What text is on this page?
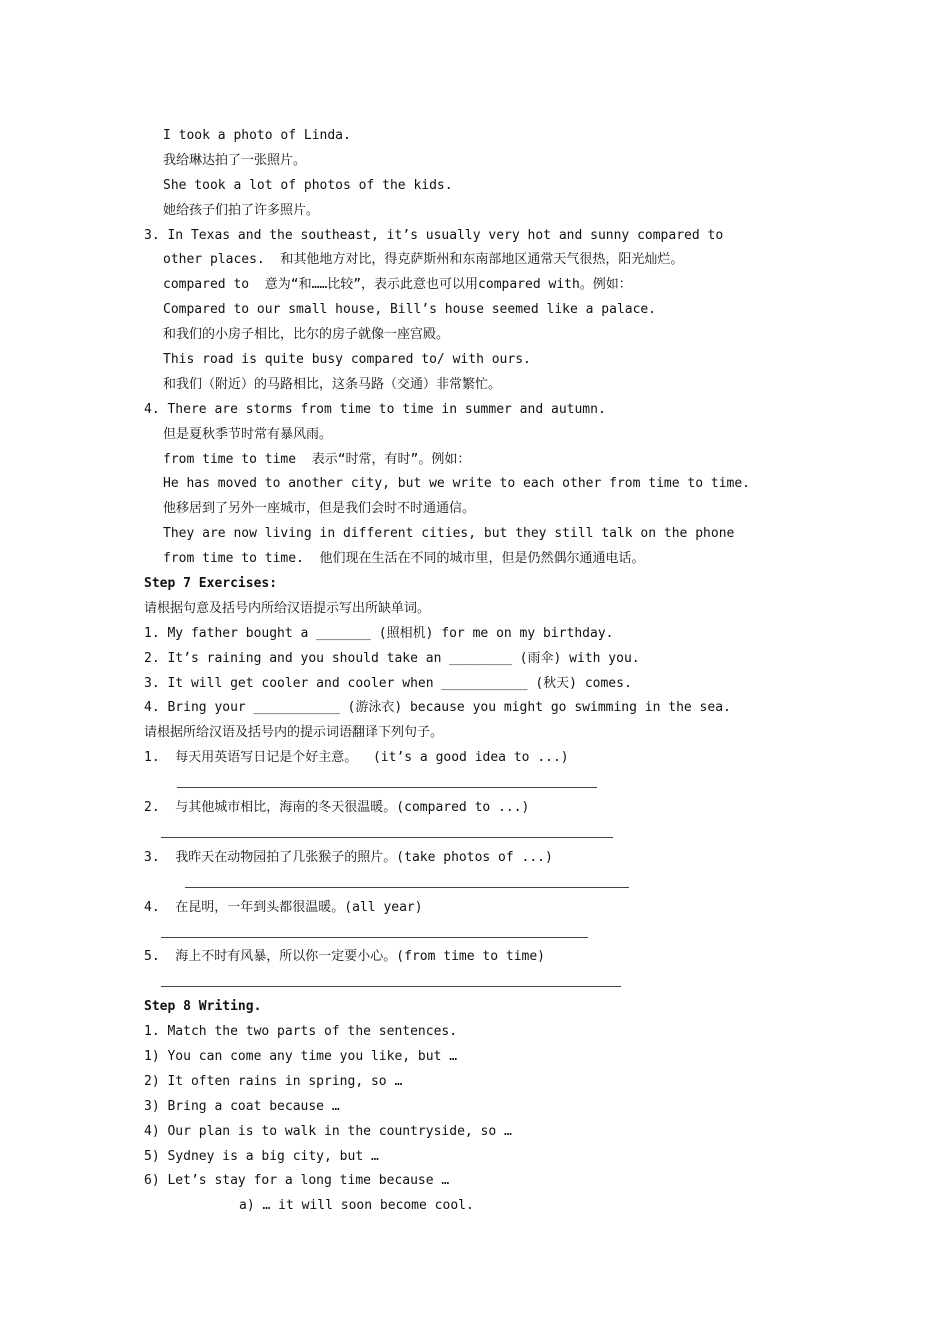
I took a photo of Linda.
我给琳达拍了一张照片。
She took a lot of photos of the kids.
她给孩子们拍了许多照片。
3. In Texas and the southeast, it’s usually very hot and sunny compared to
other places.  和其他地方对比，得克萨斯州和东南部地区通常天气很热，阳光灿烂。
compared to  意为“和……比较”，表示此意也可以用compared with。例如：
Compared to our small house, Bill’s house seemed like a palace.
和我们的小房子相比，比尔的房子就像一座宫殿。
This road is quite busy compared to/ with ours.
和我们（附近）的马路相比，这条马路（交通）非常繁忙。
4. There are storms from time to time in summer and autumn.
但是夏秋季节时常有暴风雨。
from time to time  表示“时常，有时”。例如：
He has moved to another city, but we write to each other from time to time.
他移居到了另外一座城市，但是我们会时不时通通信。
They are now living in different cities, but they still talk on the phone
from time to time.  他们现在生活在不同的城市里，但是仍然偶尔通通电话。
Step 7 Exercises:
请根据句意及括号内所给汉语提示写出所缺单词。
1. My father bought a _______ (照相机) for me on my birthday.
2. It’s raining and you should take an ________ (雨伞) with you.
3. It will get cooler and cooler when ___________ (秋天) comes.
4. Bring your ___________ (游泳衣) because you might go swimming in the sea.
请根据所给汉语及括号内的提示词语翻译下列句子。
1.  每天用英语写日记是个好主意。  (it’s a good idea to ...)
2.  与其他城市相比，海南的冬天很温暖。(compared to ...)
3.  我昨天在动物园拍了几张猴子的照片。(take photos of ...)
4.  在昆明，一年到头都很温暖。(all year)
5.  海上不时有风暴，所以你一定要小心。(from time to time)
Step 8 Writing.
1. Match the two parts of the sentences.
1) You can come any time you like, but …
2) It often rains in spring, so …
3) Bring a coat because …
4) Our plan is to walk in the countryside, so …
5) Sydney is a big city, but …
6) Let’s stay for a long time because …
a) … it will soon become cool.
